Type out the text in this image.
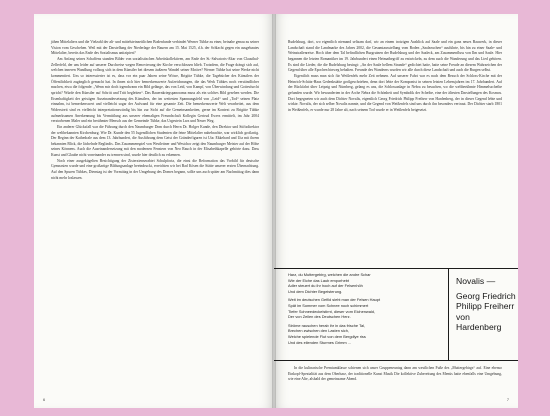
jähen Mittelalters und die Vielzahl der alt- und mittelsteinzeitlichen Bodenfunde verbindet Werner Tübke zu einer, beinahe genau zu seiner Vision vom Geschehen. Weil mit der Darstellung der Niederlage der Bauern am 15. Mai 1525, d.h. der Schlacht gegen ein ausgebautes Mittelalter, bereits das Ende des Sozialismus antizipiert?

Am Anfang seines Schaffens standen Bilder von sozialistischen Arbeitskollektiven, am Ende der St.-Salvatoris-Altar von Clausthal-Zellerfeld, der uns leider auf unserer Durchreise wegen Renovierung der Kirche verschlossen blieb. Trotzdem, die Frage drängt sich auf, welchen inneren Wandlung vollzog sich in dem Künstler bei diesem äußeren Wandel seiner Motive? Werner Tübke hat seine Werke nicht kommentiert. Uns so interessierter ist es, dass vor ein paar Jahren seine Witwe, Brigitte Tübke, die Tagebücher des Künstlers der Öffentlichkeit zugänglich gemacht hat. In ihnen sich hier bemerkenswerte Aufzeichnungen, die das Werk Tübkes noch verständlicher machen, etwa die folgende: „Wenn mir doch irgendwann ein Bild gelänge, das von Leid, von Kampf, von Überwindung und Gottesfurcht spricht? Würde den Künstler auf Schritt und Tritt begleiten“. Das Bauernkriegspanorama muss als ein solches Bild gesehen werden. Die Eisenhaftigkeit der geistigen Auseinandersetzung des Künstlers, der im weitesten Spannungsfeld von „Leid“ und „Tod“ seinen Platz einnahm, ist bemerkenswert und vielleicht sogar der Aufwand für eine gesamte Zeit. Die bemerkenswerte Welt verarbeitet, aus dem Widerstreit sind es vielleicht interpretationswürdig bis hin zur Sicht auf die Gemeinsamkeiten, gerne im Kontext zu Brigitte Tübke aufmerksamen Anerkennung bis Vermittlung aus unserer ehemaligen Freundschaft Kollegin Gertrud Ewers ermittelt, im Jahr 2004 verstorbenen Maler und ein berühmter Mensch aus der Gemeinde Tübke, das Urgestein Lars und Neuer Weg.

Ein anderer Glücksfall war die Führung durch den Naumburger Dom durch Herrn Dr. Holger Kunde, den Direktor und Stiftsdirektor der weltbekannten Kirchenburg. Wie Dr. Kunde den 55 Jugendlichen Studenten die feine Mittelalter nahebrachte, war wirklich großartig. Der Beginn der Kathedrale aus dem 13. Jahrhundert, die Ausführung dem Geist der Gründerfiguren ist Uta: Ekkehard und Uta mit ihrem bekannten Blick, die lächelnde Reglindis. Das Zusammenspiel von Westlettner und Westchor zeigt den Naumburger Meister auf der Höhe seines Könnens. Auch die Auseinandersetzung mit den modernen Fenstern von Neo Rauch in der Elisabethkapelle gehörte dazu. Dass Kunst und Glaube nicht voneinander zu trennen sind, wurde hier deutlich zu erkennen.

Noch einer ausgekügelten Besichtigung der Zisterzienserabtei Schulpforta, die einst die Reformation das Vorbild für deutsche Gymnasien wurde und eine großartige Bildungsanlage beeindruckt, erreichten wir bei Bad Kösen die Stätte unserer ersten Übernachtung. Auf den Spuren Tübkes, Dienstag ist der Vormittag in der Umgebung des Domes begann, sollte uns auch später am Nachmittag dies dann nicht mehr loslassen.

6

Rudelsburg, dort, wo eigentlich niemand seltsam darf, wir an einem trotzigen Ausblick auf Saale und ein ganz neues Bauwerk, in dieser Landschaft stand die Landmarke des Jahres 2002, die Gesamtausstellung vom Boden „Saalezuchen“ ausführte, bis hin zu einer Saale- und Weinstraßenreise. Hoch über dem Tal befindlichen Burgruinen der Rudelsburg und der Saaleck, am Zusammenfluss von Ilm und Saale. Hier begannen die letzten Romantiker im 19. Jahrhundert einen Heimatbegriff zu entwickeln, zu dem auch die Wanderung und das Lied gehören. Es sind die Lieder, die die Rudelsburg besingt: „An der Saale hellem Strande“ gedichtet hatte, hatte seine Freude an diesem Wahrzeichen der Gegend über alle Epochen hinweg behalten. Freunde des Wanderns wurden wir alle durch diese Landschaft und auch die Burgen selbst.

Eigentlich muss man sich für Weißenfels mehr Zeit nehmen. Auf unserer Fahrt war es nach dem Besuch der Schloss-Kirche mit der Heinrich-Schütz-Haus Gedenkstätte großgeschrieben, denn dort lebte der Komponist in seinen letzten Lebensjahren im 17. Jahrhundert. Auf der Rückfahrt über Leipzig und Nürnberg, gelang es uns, die Schlossanlage in Nebra zu besuchen, wo die weltberühmte Himmelsscheibe gefunden wurde. Wir bewunderten in der Arche Nebra die Schönheit und Symbolik der Scheibe, eine der ältesten Darstellungen des Kosmos. Dort begegneten wir auch dem Dichter Novalis, eigentlich Georg Friedrich Philipp Freiherr von Hardenberg, der in dieser Gegend lebte und wirkte. Novalis, der sich selber Novalis nannte, und die Gegend von Weißenfels sind uns durch ihn besonders vertraut. Der Dichter starb 1801 in Weißenfels, er wurde nur 28 Jahre alt, nach seinem Tod wurde er in Weißenfels beigesetzt.

Harz, du Muttergebirg, welchen die andre Schar
Wie der Eiche das Laub emporhebt
Adler steuert du ihr hoch auf der Felsenhöh
Und dem Dichter Begeisterung.
Weit im deutschen Gefild sieht man der Felsen Haupt
Spät im Sommer vom Schnee noch schimmert
Tiefer Schneedeckelstirnt, dieser vom Eichenwald,
Der von Zeilen des Deutschen Herz.
Ströme rauschen herab ihr in das frische Tal,
Brechen zwischen den Lasten sich,
Welche spielende Flut von dem Bergdlye riss
Und des eilenden Sturmes Grimm ...
Novalis —
Georg Friedrich Philipp Freiherr von Hardenberg

In die kulinarische Premiumklasse schienen sich unser Gruppeneuntag dann am westlichen Fuße des „Muttergebirgs“ auf. Eine ebenso Einkopf-Spezialität aus dem Oberharz, der traditionelle Kunst Musik Die kollektive Zubereitung des Menüs hatte ebenfalls eine Umgebung, wie eine Alte, alsbald der gemeinsame Abend.

7
